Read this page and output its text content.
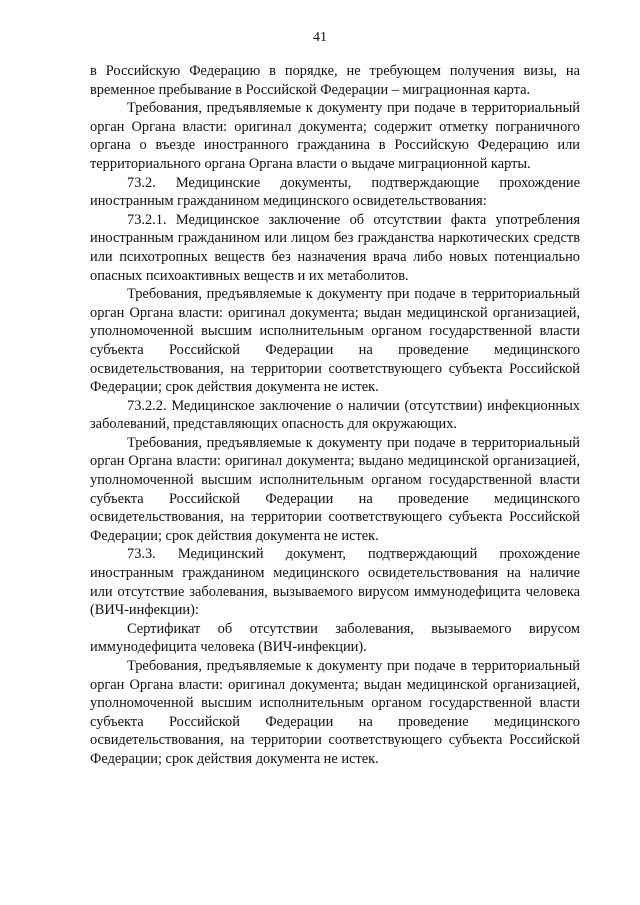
41

в Российскую Федерацию в порядке, не требующем получения визы, на временное пребывание в Российской Федерации – миграционная карта.

Требования, предъявляемые к документу при подаче в территориальный орган Органа власти: оригинал документа; содержит отметку пограничного органа о въезде иностранного гражданина в Российскую Федерацию или территориального органа Органа власти о выдаче миграционной карты.

73.2. Медицинские документы, подтверждающие прохождение иностранным гражданином медицинского освидетельствования:

73.2.1. Медицинское заключение об отсутствии факта употребления иностранным гражданином или лицом без гражданства наркотических средств или психотропных веществ без назначения врача либо новых потенциально опасных психоактивных веществ и их метаболитов.

Требования, предъявляемые к документу при подаче в территориальный орган Органа власти: оригинал документа; выдан медицинской организацией, уполномоченной высшим исполнительным органом государственной власти субъекта Российской Федерации на проведение медицинского освидетельствования, на территории соответствующего субъекта Российской Федерации; срок действия документа не истек.

73.2.2. Медицинское заключение о наличии (отсутствии) инфекционных заболеваний, представляющих опасность для окружающих.

Требования, предъявляемые к документу при подаче в территориальный орган Органа власти: оригинал документа; выдано медицинской организацией, уполномоченной высшим исполнительным органом государственной власти субъекта Российской Федерации на проведение медицинского освидетельствования, на территории соответствующего субъекта Российской Федерации; срок действия документа не истек.

73.3. Медицинский документ, подтверждающий прохождение иностранным гражданином медицинского освидетельствования на наличие или отсутствие заболевания, вызываемого вирусом иммунодефицита человека (ВИЧ-инфекции):

Сертификат об отсутствии заболевания, вызываемого вирусом иммунодефицита человека (ВИЧ-инфекции).

Требования, предъявляемые к документу при подаче в территориальный орган Органа власти: оригинал документа; выдан медицинской организацией, уполномоченной высшим исполнительным органом государственной власти субъекта Российской Федерации на проведение медицинского освидетельствования, на территории соответствующего субъекта Российской Федерации; срок действия документа не истек.
